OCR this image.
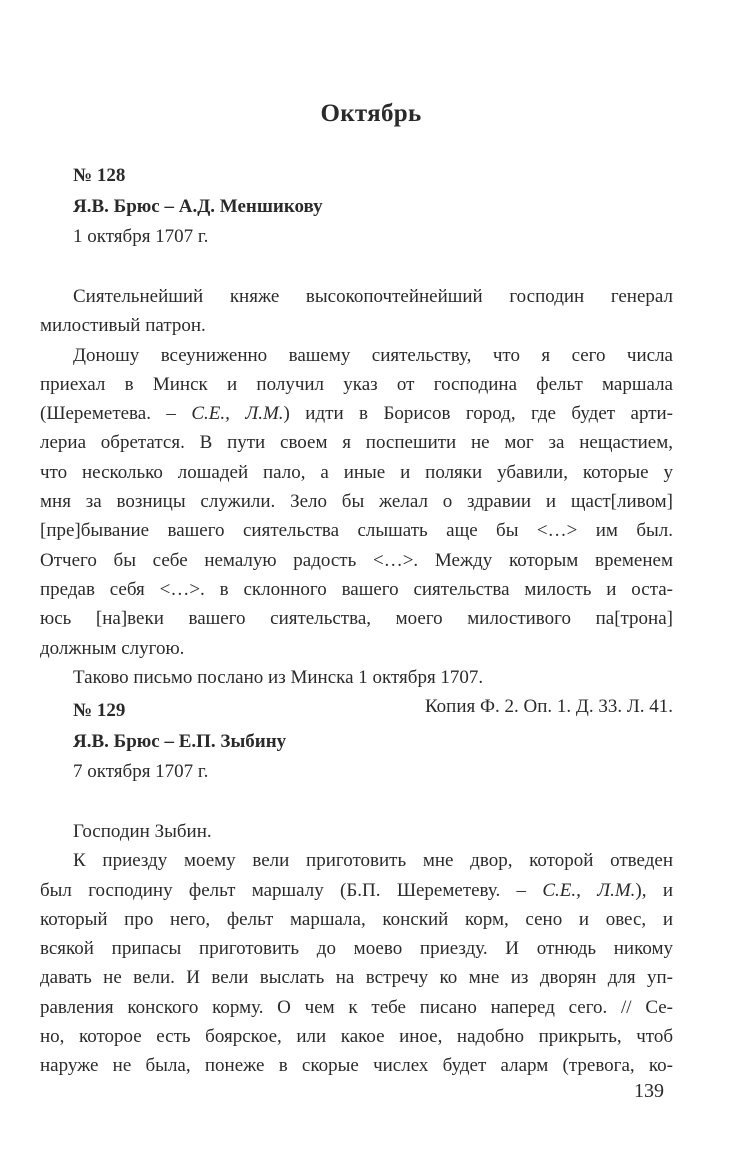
Октябрь
№ 128
Я.В. Брюс – А.Д. Меншикову
1 октября 1707 г.
Сиятельнейший княже высокопочтейнейший господин генерал
милостивый патрон.
Доношу всеуниженно вашему сиятельству, что я сего числа
приехал в Минск и получил указ от господина фельт маршала
(Шереметева. – С.Е., Л.М.) идти в Борисов город, где будет арти-
лериа обретатся. В пути своем я поспешити не мог за нещастием,
что несколько лошадей пало, а иные и поляки убавили, которые у
мня за возницы служили. Зело бы желал о здравии и щаст[ливом]
[пре]бывание вашего сиятельства слышать аще бы <…> им был.
Отчего бы себе немалую радость <…>. Между которым временем
предав себя <…>. в склонного вашего сиятельства милость и оста-
юсь [на]веки вашего сиятельства, моего милостивого па[трона]
должным слугою.
Таково письмо послано из Минска 1 октября 1707.
Копия Ф. 2. Оп. 1. Д. 33. Л. 41.
№ 129
Я.В. Брюс – Е.П. Зыбину
7 октября 1707 г.
Господин Зыбин.
К приезду моему вели приготовить мне двор, которой отведен
был господину фельт маршалу (Б.П. Шереметеву. – С.Е., Л.М.), и
который про него, фельт маршала, конский корм, сено и овес, и
всякой припасы приготовить до моево приезду. И отнюдь никому
давать не вели. И вели выслать на встречу ко мне из дворян для уп-
равления конского корму. О чем к тебе писано наперед сего. // Се-
но, которое есть боярское, или какое иное, надобно прикрыть, чтоб
наруже не была, понеже в скорые числех будет аларм (тревога, ко-
139
